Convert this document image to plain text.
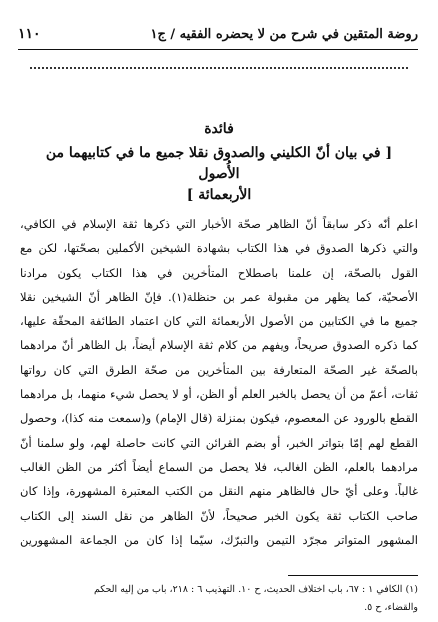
روضة المتقين في شرح من لا يحضره الفقيه / ج١
١١٠
فائدة
[ في بيان أنّ الكليني والصدوق نقلا جميع ما في كتابيهما من الأُصول
الأربعمائة ]
اعلم أنّه ذكر سابقاً أنّ الظاهر صحّة الأخبار التي ذكرها ثقة الإسلام في الكافي،
والتي ذكرها الصدوق في هذا الكتاب بشهادة الشيخين الأكملين بصحّتها، لكن مع
القول بالصحّة، إن علمنا باصطلاح المتأخرين في هذا الكتاب يكون مرادنا
الأصحيّة، كما يظهر من مقبولة عمر بن حنظلة(١). فإنّ الظاهر أنّ الشيخين نقلا
جميع ما في الكتابين من الأصول الأربعمائة التي كان اعتماد الطائفة المحقّة عليها،
كما ذكره الصدوق صريحاً، ويفهم من كلام ثقة الإسلام أيضاً، بل الظاهر أنّ مرادهما
بالصحّة غير الصحّة المتعارفة بين المتأخرين من صحّة الطرق التي كان رواتها
ثقات، أعمّ من أن يحصل بالخبر العلم أو الظن، أو لا يحصل شيء منهما، بل مرادهما
القطع بالورود عن المعصوم، فيكون بمنزلة (قال الإمام) و(سمعت منه كذا)، وحصول
القطع لهم إمّا بتواتر الخبر، أو بضم القرائن التي كانت حاصلة لهم، ولو سلمنا أنّ
مرادهما بالعلم، الظن الغالب، فلا يحصل من السماع أيضاً أكثر من الظن الغالب
غالباً. وعلى أيّ حال فالظاهر منهم النقل من الكتب المعتبرة المشهورة، وإذا كان
صاحب الكتاب ثقة يكون الخبر صحيحاً، لأنّ الظاهر من نقل السند إلى الكتاب
المشهور المتواتر مجرّد التيمن والتبرّك، سيّما إذا كان من الجماعة المشهورين
(١) الكافي ١ : ٦٧، باب اختلاف الحديث، ح ١٠. التهذيب ٦ : ٢١٨، باب من إليه الحكم
والقضاء، ح ٥.
